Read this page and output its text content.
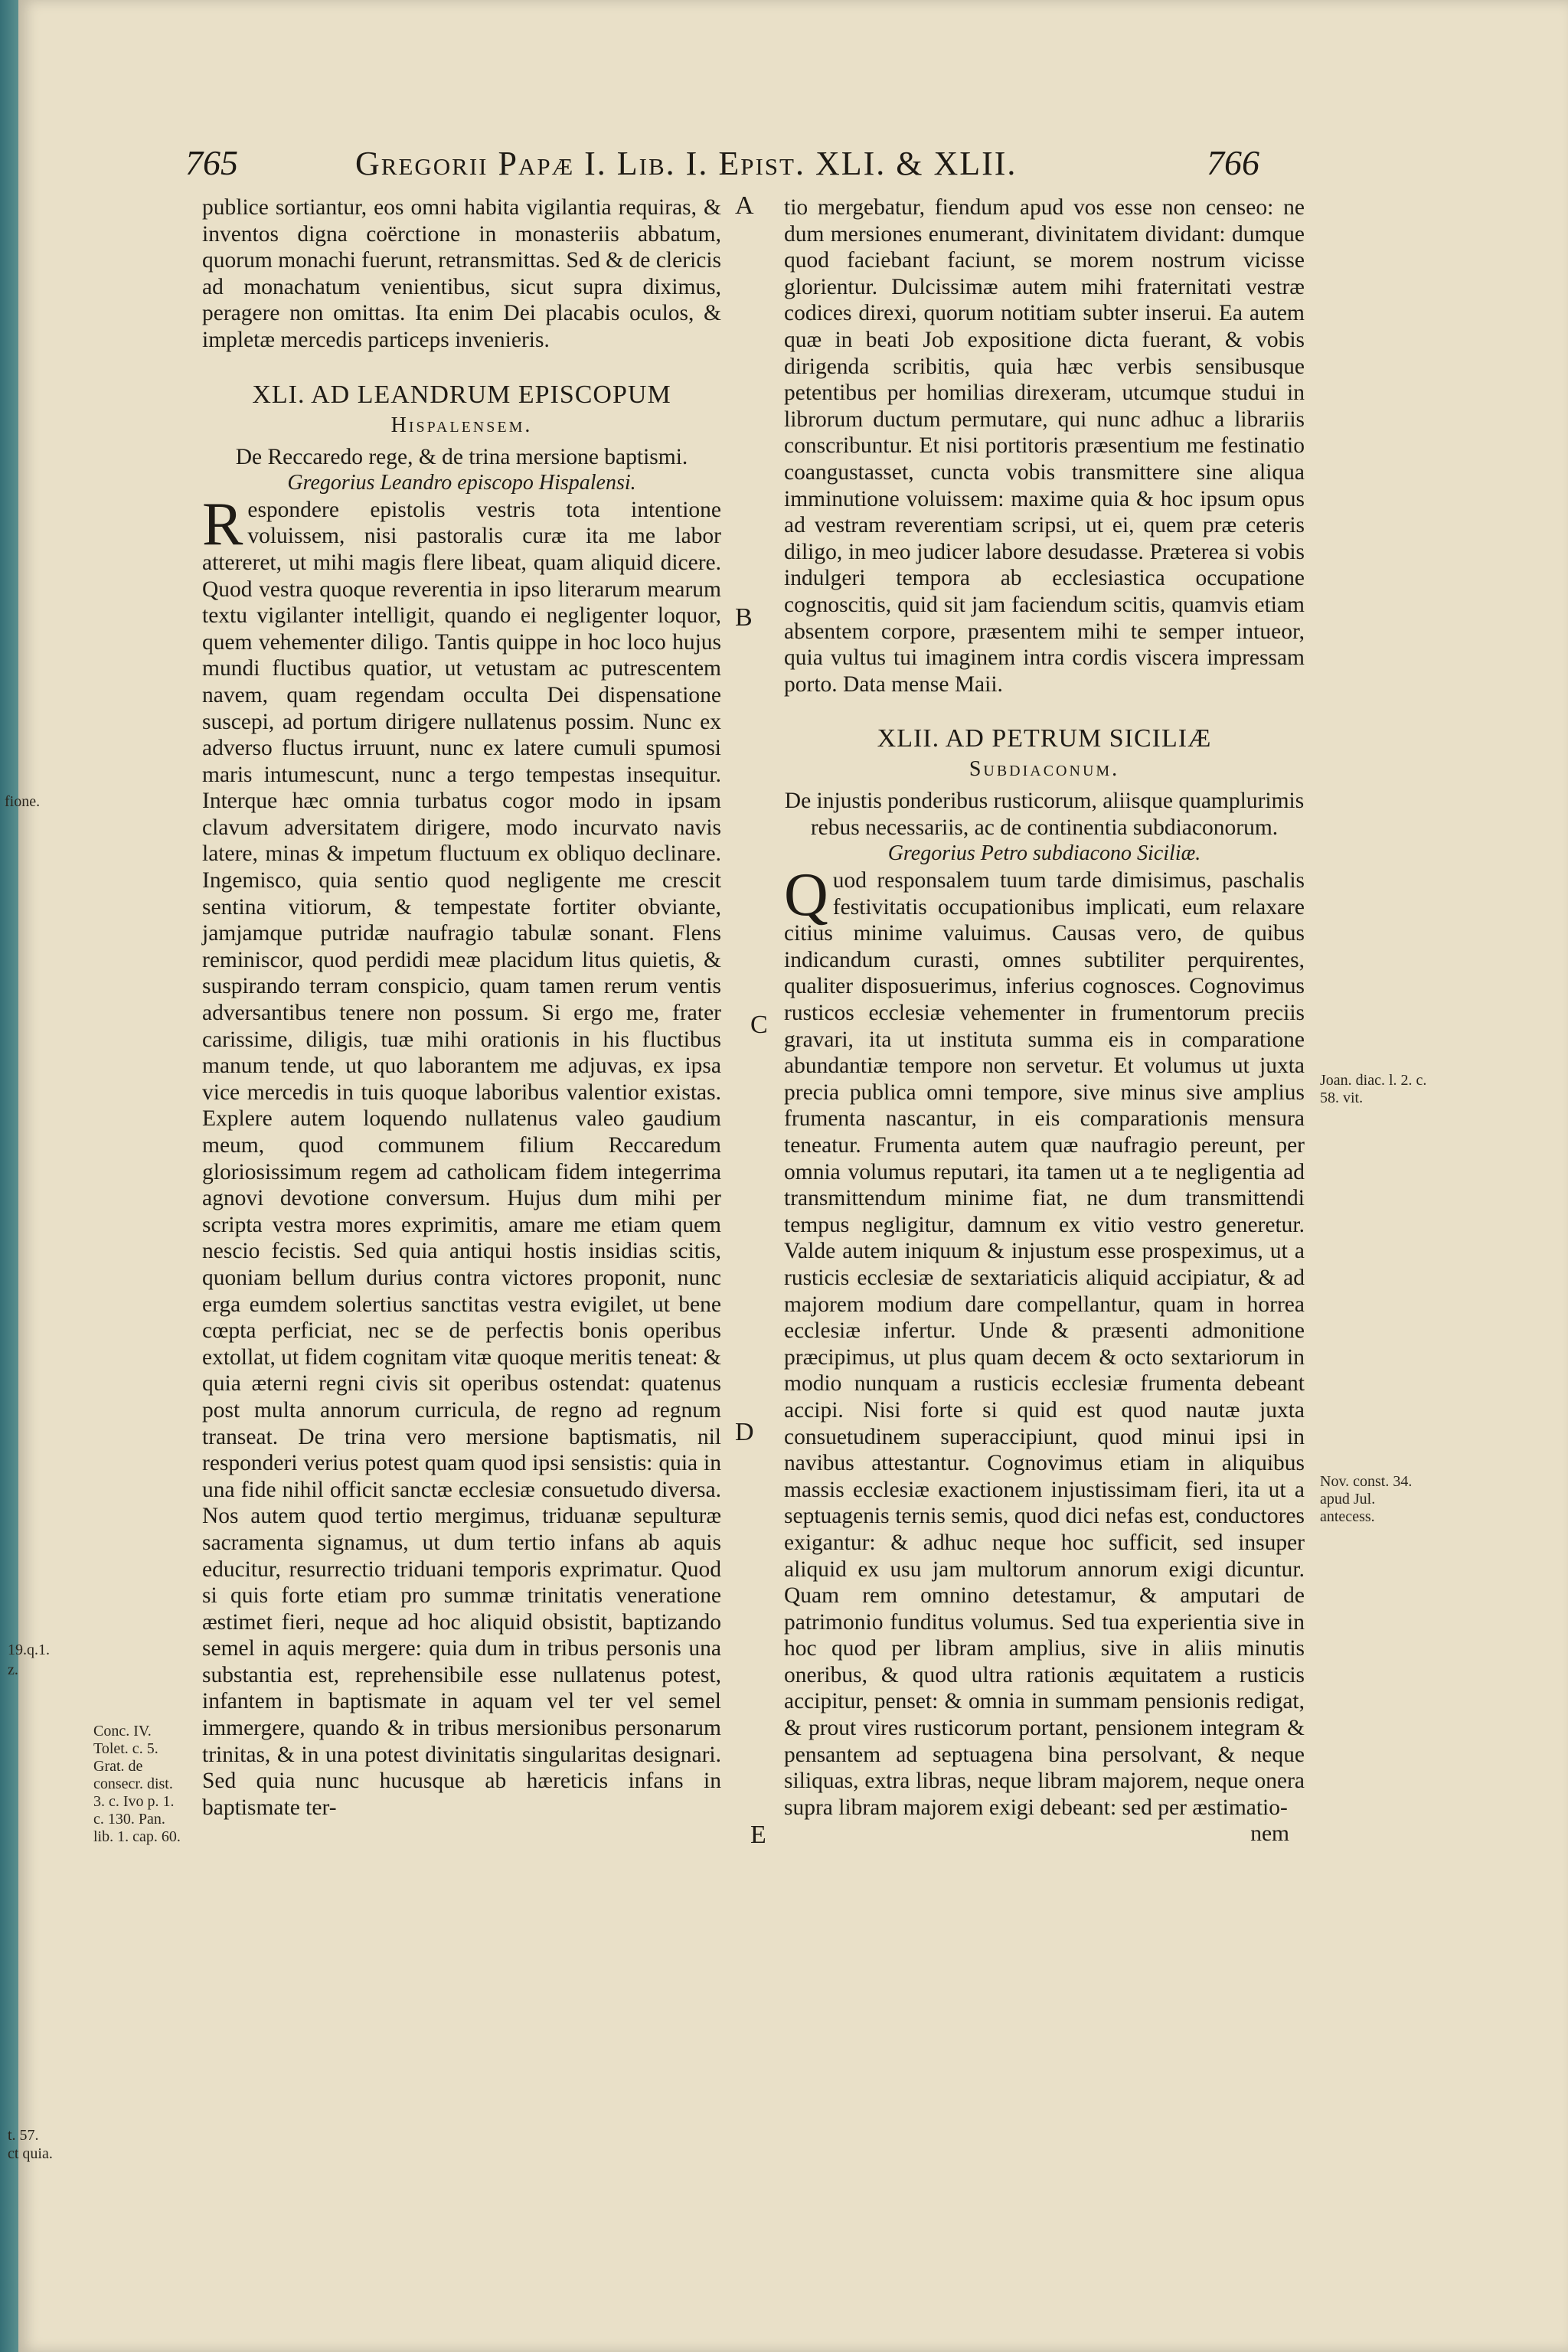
765	Gregorii Papæ I. Lib. I. Epist. XLI. & XLII.	766

publice sortiantur, eos omni habita vigilantia requiras, & inventos digna coërctione in monasteriis abbatum, quorum monachi fuerunt, retransmittas. Sed & de clericis ad monachatum venientibus, sicut supra diximus, peragere non omittas. Ita enim Dei placabis oculos, & impletæ mercedis particeps invenieris.

XLI. AD LEANDRUM EPISCOPUM
Hispalensem.

De Reccaredo rege, & de trina mersione baptismi.

Gregorius Leandro episcopo Hispalensi.

Respondere epistolis vestris tota intentione voluissem, nisi pastoralis curæ ita me labor attereret, ut mihi magis flere libeat, quam aliquid dicere. Quod vestra quoque reverentia in ipso literarum mearum textu vigilanter intelligit, quando ei negligenter loquor, quem vehementer diligo. Tantis quippe in hoc loco hujus mundi fluctibus quatior, ut vetustam ac putrescentem navem, quam regendam occulta Dei dispensatione suscepi, ad portum dirigere nullatenus possim. Nunc ex adverso fluctus irruunt, nunc ex latere cumuli spumosi maris intumescunt, nunc a tergo tempestas insequitur. Interque hæc omnia turbatus cogor modo in ipsam clavum adversitatem dirigere, modo incurvato navis latere, minas & impetum fluctuum ex obliquo declinare. Ingemisco, quia sentio quod negligente me crescit sentina vitiorum, & tempestate fortiter obviante, jamjamque putridæ naufragio tabulæ sonant. Flens reminiscor, quod perdidi meæ placidum litus quietis, & suspirando terram conspicio, quam tamen rerum ventis adversantibus tenere non possum. Si ergo me, frater carissime, diligis, tuæ mihi orationis in his fluctibus manum tende, ut quo laborantem me adjuvas, ex ipsa vice mercedis in tuis quoque laboribus valentior existas. Explere autem loquendo nullatenus valeo gaudium meum, quod communem filium Reccaredum gloriosissimum regem ad catholicam fidem integerrima agnovi devotione conversum. Hujus dum mihi per scripta vestra mores exprimitis, amare me etiam quem nescio fecistis. Sed quia antiqui hostis insidias scitis, quoniam bellum durius contra victores proponit, nunc erga eumdem solertius sanctitas vestra evigilet, ut bene cœpta perficiat, nec se de perfectis bonis operibus extollat, ut fidem cognitam vitæ quoque meritis teneat: & quia æterni regni civis sit operibus ostendat: quatenus post multa annorum curricula, de regno ad regnum transeat. De trina vero mersione baptismatis, nil responderi verius potest quam quod ipsi sensistis: quia in una fide nihil officit sanctæ ecclesiæ consuetudo diversa. Nos autem quod tertio mergimus, triduanæ sepulturæ sacramenta signamus, ut dum tertio infans ab aquis educitur, resurrectio triduani temporis exprimatur. Quod si quis forte etiam pro summæ trinitatis veneratione æstimet fieri, neque ad hoc aliquid obsistit, baptizando semel in aquis mergere: quia dum in tribus personis una substantia est, reprehensibile esse nullatenus potest, infantem in baptismate in aquam vel ter vel semel immergere, quando & in tribus mersionibus personarum trinitas, & in una potest divinitatis singularitas designari. Sed quia nunc hucusque ab hæreticis infans in baptismate ter-

tio mergebatur, fiendum apud vos esse non censeo: ne dum mersiones enumerant, divinitatem dividant: dumque quod faciebant faciunt, se morem nostrum vicisse glorientur. Dulcissimæ autem mihi fraternitati vestræ codices direxi, quorum notitiam subter inserui. Ea autem quæ in beati Job expositione dicta fuerant, & vobis dirigenda scribitis, quia hæc verbis sensibusque petentibus per homilias direxeram, utcumque studui in librorum ductum permutare, qui nunc adhuc a librariis conscribuntur. Et nisi portitoris præsentium me festinatio coangustasset, cuncta vobis transmittere sine aliqua imminutione voluissem: maxime quia & hoc ipsum opus ad vestram reverentiam scripsi, ut ei, quem præ ceteris diligo, in meo judicer labore desudasse. Præterea si vobis indulgeri tempora ab ecclesiastica occupatione cognoscitis, quid sit jam faciendum scitis, quamvis etiam absentem corpore, præsentem mihi te semper intueor, quia vultus tui imaginem intra cordis viscera impressam porto. Data mense Maii.

XLII. AD PETRUM SICILIÆ
Subdiaconum.

De injustis ponderibus rusticorum, aliisque quamplurimis rebus necessariis, ac de continentia subdiaconorum.

Gregorius Petro subdiacono Siciliæ.

Quod responsalem tuum tarde dimisimus, paschalis festivitatis occupationibus implicati, eum relaxare citius minime valuimus. Causas vero, de quibus indicandum curasti, omnes subtiliter perquirentes, qualiter disposuerimus, inferius cognosces. Cognovimus rusticos ecclesiæ vehementer in frumentorum preciis gravari, ita ut instituta summa eis in comparatione abundantiæ tempore non servetur. Et volumus ut juxta precia publica omni tempore, sive minus sive amplius frumenta nascantur, in eis comparationis mensura teneatur. Frumenta autem quæ naufragio pereunt, per omnia volumus reputari, ita tamen ut a te negligentia ad transmittendum minime fiat, ne dum transmittendi tempus negligitur, damnum ex vitio vestro generetur. Valde autem iniquum & injustum esse prospeximus, ut a rusticis ecclesiæ de sextariaticis aliquid accipiatur, & ad majorem modium dare compellantur, quam in horrea ecclesiæ infertur. Unde & præsenti admonitione præcipimus, ut plus quam decem & octo sextariorum in modio nunquam a rusticis ecclesiæ frumenta debeant accipi. Nisi forte si quid est quod nautæ juxta consuetudinem superaccipiunt, quod minui ipsi in navibus attestantur. Cognovimus etiam in aliquibus massis ecclesiæ exactionem injustissimam fieri, ita ut a septuagenis ternis semis, quod dici nefas est, conductores exigantur: & adhuc neque hoc sufficit, sed insuper aliquid ex usu jam multorum annorum exigi dicuntur. Quam rem omnino detestamur, & amputari de patrimonio funditus volumus. Sed tua experientia sive in hoc quod per libram amplius, sive in aliis minutis oneribus, & quod ultra rationis æquitatem a rusticis accipitur, penset: & omnia in summam pensionis redigat, & prout vires rusticorum portant, pensionem integram & pensantem ad septuagena bina persolvant, & neque siliquas, extra libras, neque libram majorem, neque onera supra libram majorem exigi debeant: sed per æstimatio-

nem

A
B
C
D
E
fione.
19.q.1.
z.
t. 57.
ct quia.
Conc. IV. Tolet. c. 5. Grat. de consecr. dist. 3. c. Ivo p. 1. c. 130. Pan. lib. 1. cap. 60.
Joan. diac. l. 2. c. 58. vit.
Nov. const. 34. apud Jul. antecess.
